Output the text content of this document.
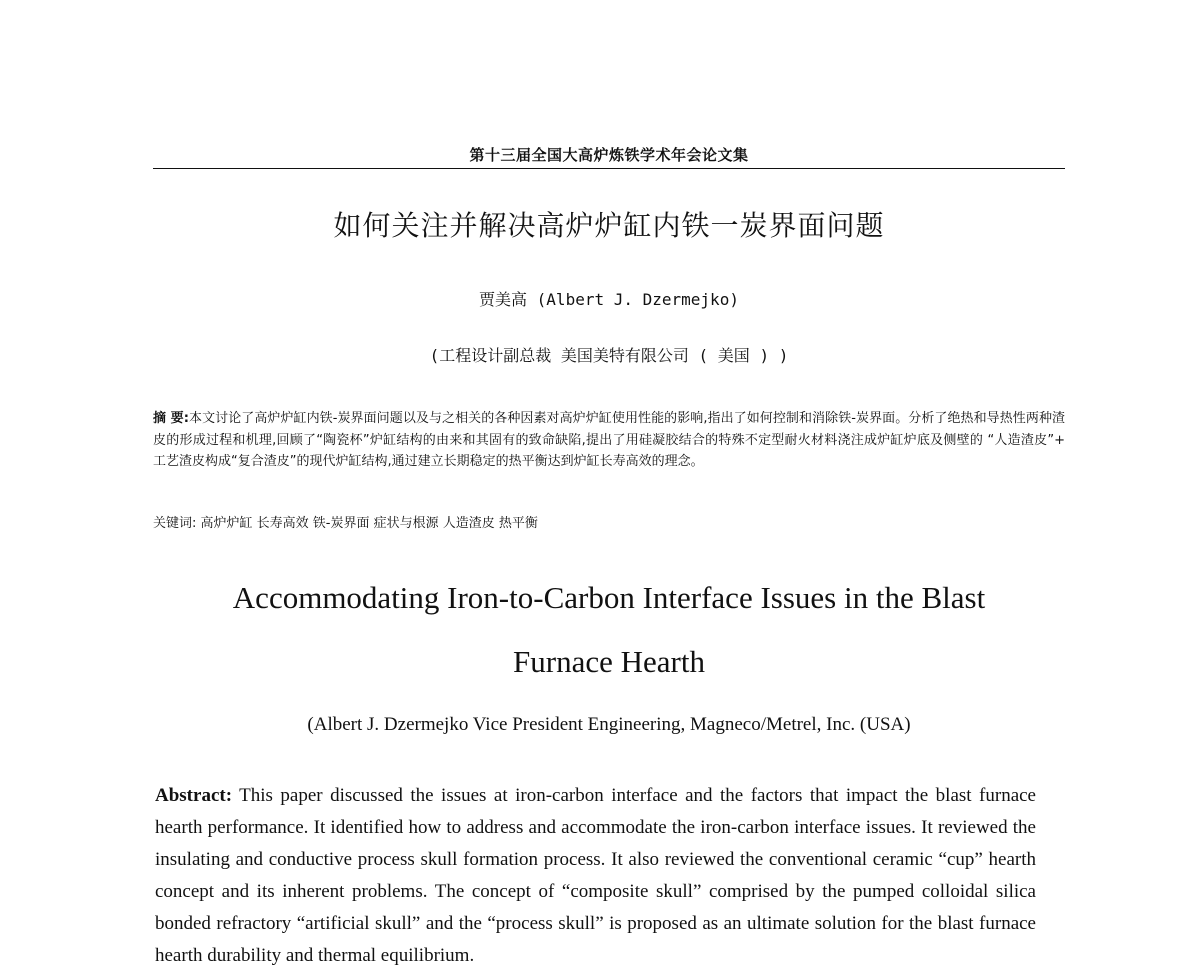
第十三届全国大高炉炼铁学术年会论文集
如何关注并解决高炉炉缸内铁一炭界面问题
贾美高 (Albert J. Dzermejko)
(工程设计副总裁 美国美特有限公司 ( 美国 ) )

摘 要:本文讨论了高炉炉缸内铁-炭界面问题以及与之相关的各种因素对高炉炉缸使用性能的影响,指出了如何控制和消除铁-炭界面。分析了绝热和导热性两种渣皮的形成过程和机理,回顾了“陶瓷杯”炉缸结构的由来和其固有的致命缺陷,提出了用硅凝胶结合的特殊不定型耐火材料浇注成炉缸炉底及侧壁的 “人造渣皮”+ 工艺渣皮构成“复合渣皮”的现代炉缸结构,通过建立长期稳定的热平衡达到炉缸长寿高效的理念。

关键词: 高炉炉缸 长寿高效 铁-炭界面 症状与根源 人造渣皮 热平衡

Accommodating Iron-to-Carbon Interface Issues in the Blast
Furnace Hearth
(Albert J. Dzermejko Vice President Engineering, Magneco/Metrel, Inc. (USA)

Abstract: This paper discussed the issues at iron-carbon interface and the factors that impact the blast furnace hearth performance. It identified how to address and accommodate the iron-carbon interface issues. It reviewed the insulating and conductive process skull formation process. It also reviewed the conventional ceramic “cup” hearth concept and its inherent problems. The concept of “composite skull” comprised by the pumped colloidal silica bonded refractory “artificial skull” and the “process skull” is proposed as an ultimate solution for the blast furnace hearth durability and thermal equilibrium.
